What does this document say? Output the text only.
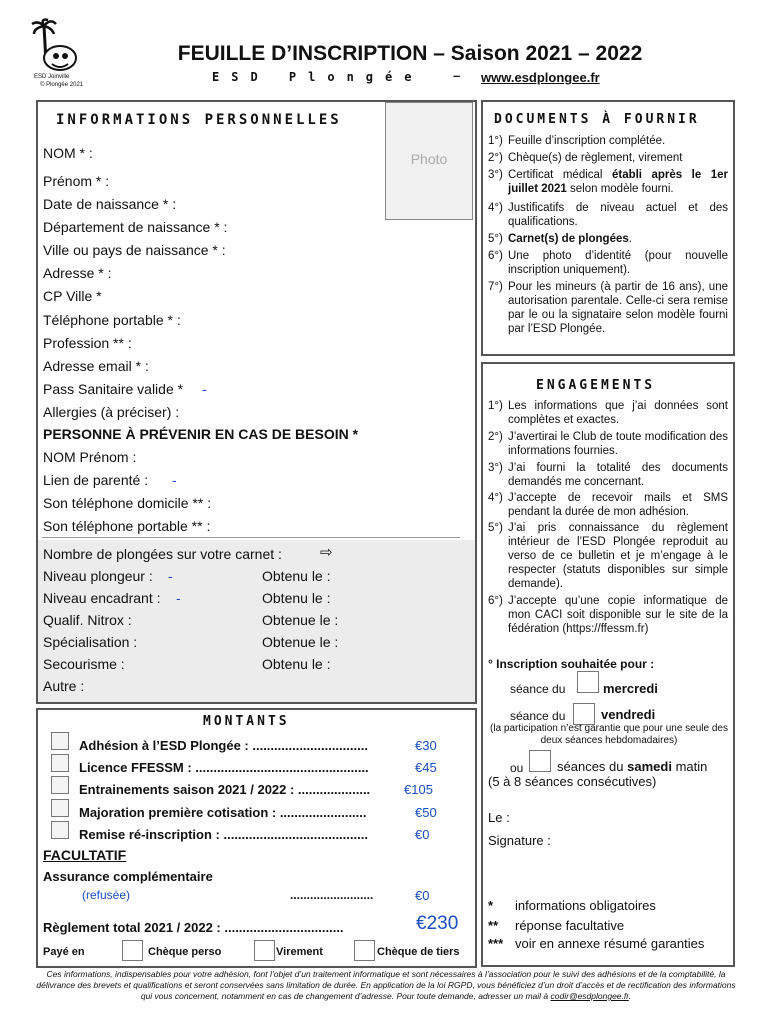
ESD Joinville
© Plongée 2021
FEUILLE D’INSCRIPTION – Saison 2021 – 2022
ESD Plongée – www.esdplongee.fr
INFORMATIONS PERSONNELLES
Photo
NOM * :
Prénom * :
Date de naissance * :
Département de naissance * :
Ville ou pays de naissance * :
Adresse * :
CP Ville *
Téléphone portable * :
Profession ** :
Adresse email * :
Pass Sanitaire valide *
Allergies (à préciser) :
PERSONNE À PRÉVENIR EN CAS DE BESOIN *
NOM Prénom :
Lien de parenté :
Son téléphone domicile ** :
Son téléphone portable ** :
-
-
Nombre de plongées sur votre carnet :	⇨
Niveau plongeur : -	Obtenu le :
Niveau encadrant : -	Obtenu le :
Qualif. Nitrox :	Obtenue le :
Spécialisation :	Obtenue le :
Secourisme :	Obtenu le :
Autre :
DOCUMENTS À FOURNIR
1°) Feuille d’inscription complétée.
2°) Chèque(s) de règlement, virement
3°) Certificat médical établi après le 1er juillet 2021 selon modèle fourni.
4°) Justificatifs de niveau actuel et des qualifications.
5°) Carnet(s) de plongées.
6°) Une photo d’identité (pour nouvelle inscription uniquement).
7°) Pour les mineurs (à partir de 16 ans), une autorisation parentale. Celle-ci sera remise par le ou la signataire selon modèle fourni par l’ESD Plongée.
ENGAGEMENTS
1°) Les informations que j’ai données sont complètes et exactes.
2°) J’avertirai le Club de toute modification des informations fournies.
3°) J’ai fourni la totalité des documents demandés me concernant.
4°) J’accepte de recevoir mails et SMS pendant la durée de mon adhésion.
5°) J’ai pris connaissance du règlement intérieur de l’ESD Plongée reproduit au verso de ce bulletin et je m’engage à le respecter (statuts disponibles sur simple demande).
6°) J’accepte qu’une copie informatique de mon CACI soit disponible sur le site de la fédération (https://ffessm.fr)
° Inscription souhaitée pour :
séance du	mercredi
séance du	vendredi
(la participation n’est garantie que pour une seule des deux séances hebdomadaires)
ou	séances du samedi matin
(5 à 8 séances consécutives)
Le :
Signature :
* informations obligatoires
** réponse facultative
*** voir en annexe résumé garanties
MONTANTS
Adhésion à l’ESD Plongée : ................................	€30
Licence FFESSM : ................................................	€45
Entrainements saison 2021 / 2022 : ....................	€105
Majoration première cotisation : ........................	€50
Remise ré-inscription : ........................................	€0
FACULTATIF
Assurance complémentaire
(refusée)	.........................	€0
Règlement total 2021 / 2022 : .................................	€230
Payé en	Chèque perso	Virement	Chèque de tiers
Ces informations, indispensables pour votre adhésion, font l’objet d’un traitement informatique et sont nécessaires à l’association pour le suivi des adhésions et de la comptabilité, la délivrance des brevets et qualifications et seront conservées sans limitation de durée. En application de la loi RGPD, vous bénéficiez d’un droit d’accès et de rectification des informations qui vous concernent, notamment en cas de changement d’adresse. Pour toute demande, adresser un mail à codir@esdplongee.fr.
